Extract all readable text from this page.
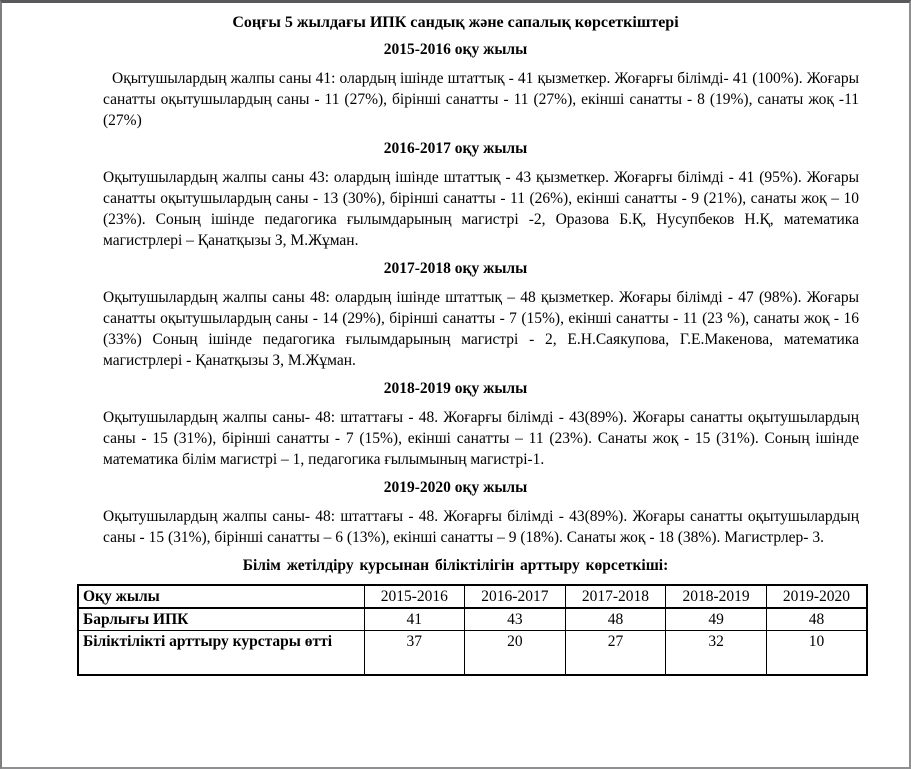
Соңғы 5 жылдағы ИПК сандық және сапалық көрсеткіштері
2015-2016 оқу жылы

Оқытушылардың жалпы саны 41: олардың ішінде штаттық - 41 қызметкер. Жоғарғы білімді- 41 (100%). Жоғары санатты оқытушылардың саны - 11 (27%), бірінші санатты - 11 (27%), екінші санатты - 8 (19%), санаты жоқ -11 (27%)

2016-2017 оқу жылы

Оқытушылардың жалпы саны 43: олардың ішінде штаттық - 43 қызметкер. Жоғарғы білімді - 41 (95%). Жоғары санатты оқытушылардың саны - 13 (30%), бірінші санатты - 11 (26%), екінші санатты - 9 (21%), санаты жоқ – 10 (23%). Соның ішінде педагогика ғылымдарының магистрі -2, Оразова Б.Қ, Нусупбеков Н.Қ, математика магистрлері – Қанатқызы З, М.Жұман.

2017-2018 оқу жылы

Оқытушылардың жалпы саны 48: олардың ішінде штаттық – 48 қызметкер. Жоғары білімді - 47 (98%). Жоғары санатты оқытушылардың саны - 14 (29%), бірінші санатты - 7 (15%), екінші санатты - 11 (23 %), санаты жоқ - 16 (33%) Соның ішінде педагогика ғылымдарының магистрі - 2, Е.Н.Саякупова, Г.Е.Макенова, математика магистрлері - Қанатқызы З, М.Жұман.

2018-2019 оқу жылы

Оқытушылардың жалпы саны- 48: штаттағы - 48. Жоғарғы білімді - 43(89%). Жоғары санатты оқытушылардың саны - 15 (31%), бірінші санатты - 7 (15%), екінші санатты – 11 (23%). Санаты жоқ - 15 (31%). Соның ішінде математика білім магистрі – 1, педагогика ғылымының магистрі-1.

2019-2020 оқу жылы

Оқытушылардың жалпы саны- 48: штаттағы - 48. Жоғарғы білімді - 43(89%). Жоғары санатты оқытушылардың саны - 15 (31%), бірінші санатты – 6 (13%), екінші санатты – 9 (18%). Санаты жоқ - 18 (38%). Магистрлер- 3.

Білім жетілдіру курсынан біліктілігін арттыру көрсеткіші:
Оқу жылы	2015-2016	2016-2017	2017-2018	2018-2019	2019-2020
Барлығы ИПК	41	43	48	49	48
Біліктілікті арттыру курстары өтті	37	20	27	32	10
